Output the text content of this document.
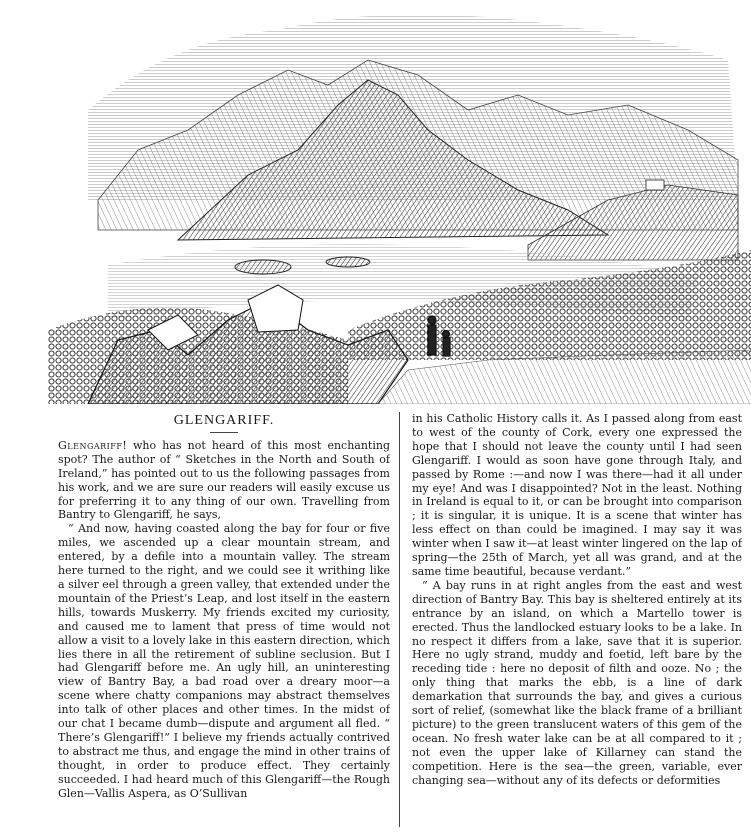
GLENGARIFF.

Glengariff! who has not heard of this most enchanting spot? The author of “ Sketches in the North and South of Ireland,” has pointed out to us the following passages from his work, and we are sure our readers will easily excuse us for preferring it to any thing of our own. Travelling from Bantry to Glengariff, he says,

“ And now, having coasted along the bay for four or five miles, we ascended up a clear mountain stream, and entered, by a defile into a mountain valley. The stream here turned to the right, and we could see it writhing like a silver eel through a green valley, that extended under the mountain of the Priest’s Leap, and lost itself in the eastern hills, towards Muskerry. My friends excited my curiosity, and caused me to lament that press of time would not allow a visit to a lovely lake in this eastern direction, which lies there in all the retirement of subline seclusion. But I had Glengariff before me. An ugly hill, an uninteresting view of Bantry Bay, a bad road over a dreary moor—a scene where chatty companions may abstract themselves into talk of other places and other times. In the midst of our chat I became dumb—dispute and argument all fled. “ There’s Glengariff!” I believe my friends actually contrived to abstract me thus, and engage the mind in other trains of thought, in order to produce effect. They certainly succeeded. I had heard much of this Glengariff—the Rough Glen—Vallis Aspera, as O’Sullivan

in his Catholic History calls it. As I passed along from east to west of the county of Cork, every one expressed the hope that I should not leave the county until I had seen Glengariff. I would as soon have gone through Italy, and passed by Rome :—and now I was there—had it all under my eye! And was I disappointed? Not in the least. Nothing in Ireland is equal to it, or can be brought into comparison ; it is singular, it is unique. It is a scene that winter has less effect on than could be imagined. I may say it was winter when I saw it—at least winter lingered on the lap of spring—the 25th of March, yet all was grand, and at the same time beautiful, because verdant.”

“ A bay runs in at right angles from the east and west direction of Bantry Bay. This bay is sheltered entirely at its entrance by an island, on which a Martello tower is erected. Thus the landlocked estuary looks to be a lake. In no respect it differs from a lake, save that it is superior. Here no ugly strand, muddy and foetid, left bare by the receding tide : here no deposit of filth and ooze. No ; the only thing that marks the ebb, is a line of dark demarkation that surrounds the bay, and gives a curious sort of relief, (somewhat like the black frame of a brilliant picture) to the green translucent waters of this gem of the ocean. No fresh water lake can be at all compared to it ; not even the upper lake of Killarney can stand the competition. Here is the sea—the green, variable, ever changing sea—without any of its defects or deformities
